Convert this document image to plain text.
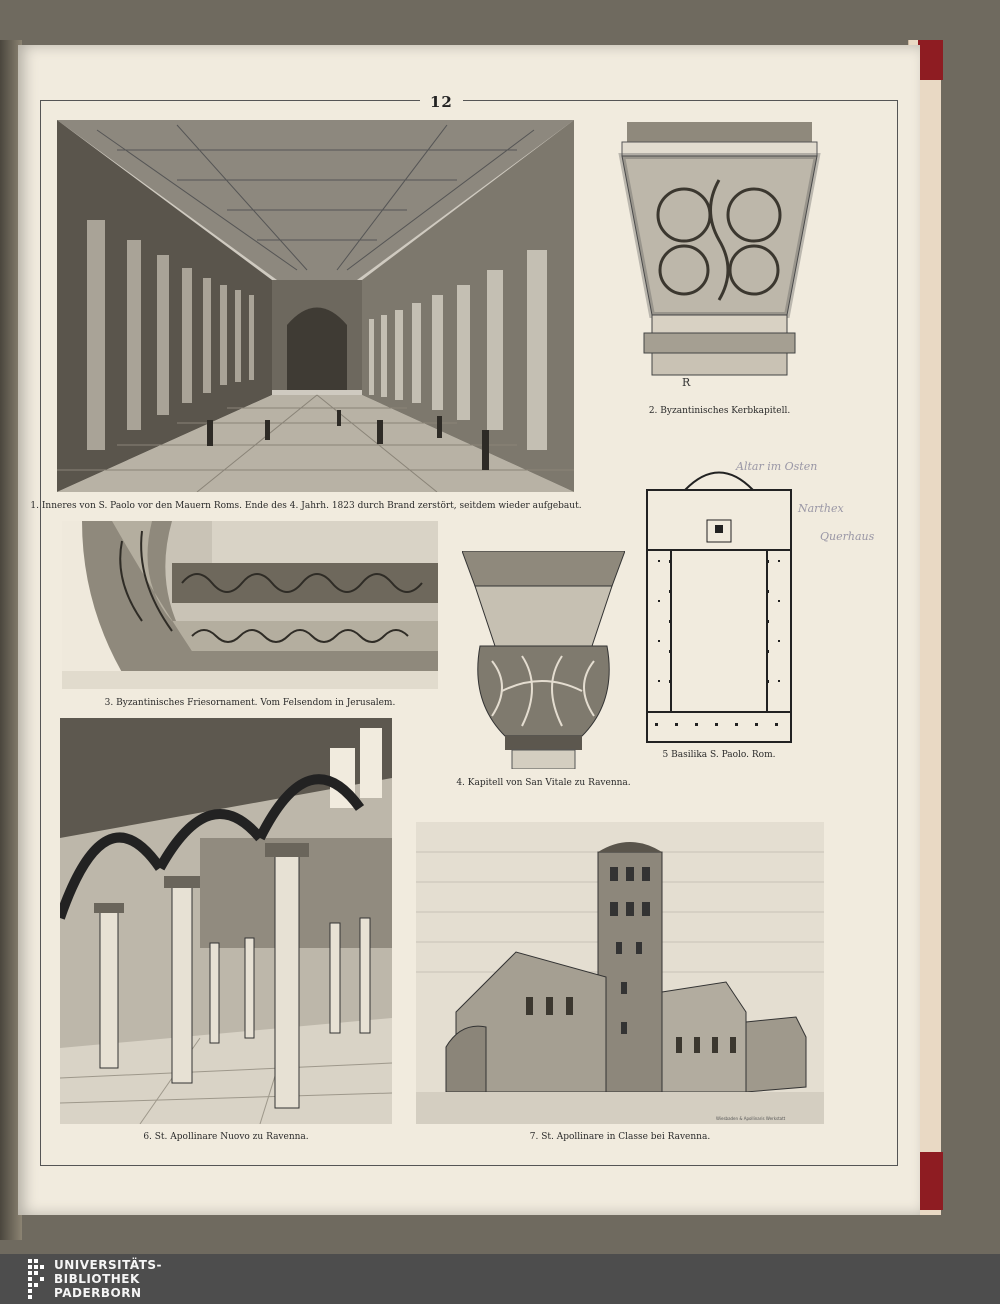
12
1. Inneres von S. Paolo vor den Mauern Roms. Ende des 4. Jahrh. 1823 durch Brand zerstört, seitdem wieder aufgebaut.
R
2. Byzantinisches Kerbkapitell.
3. Byzantinisches Friesornament. Vom Felsendom in Jerusalem.
4. Kapitell von San Vitale zu Ravenna.
5 Basilika S. Paolo. Rom.
6. St. Apollinare Nuovo zu Ravenna.
Wiesbaden & Apollinaris Werkstatt
7. St. Apollinare in Classe bei Ravenna.
Altar im Osten
Narthex
Querhaus
UNIVERSITÄTS-
BIBLIOTHEK
PADERBORN
